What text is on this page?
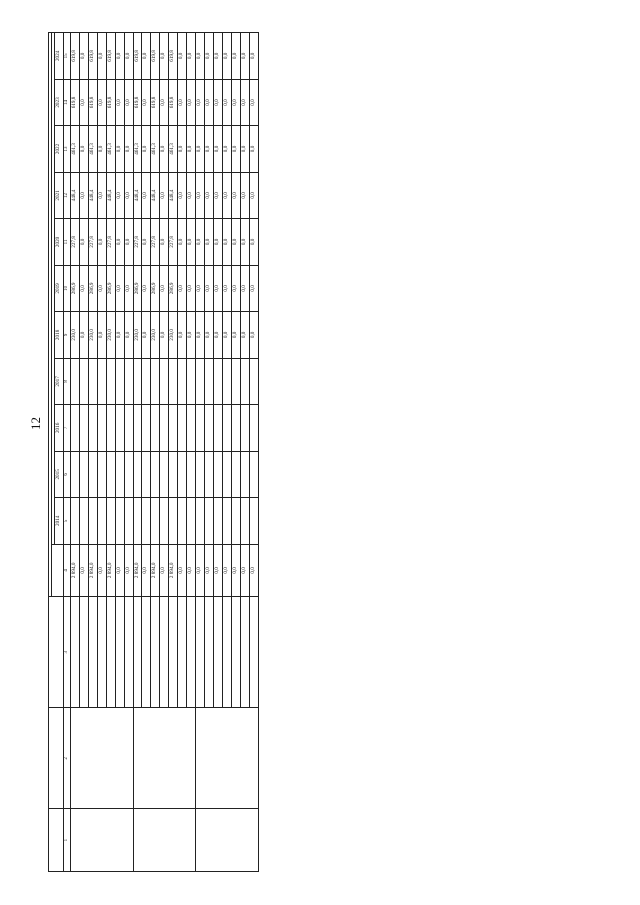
12

				2014	2015	2016	2017	2018	2019	2020	2021	2022	2023	2024

1	2	3	4	5	6	7	8	9	10	11	12	13	14	15
			2 894,0					230,0	286,9	227,8	448,4	461,3	619,8	619,8
			0,0					0,0	0,0	0,0	0,0	0,0	0,0	0,0
			2 894,0					230,0	286,9	227,8	448,4	461,3	619,8	619,8
			0,0					0,0	0,0	0,0	0,0	0,0	0,0	0,0
			2 894,0					230,0	286,9	227,8	448,4	461,3	619,8	619,8
			0,0					0,0	0,0	0,0	0,0	0,0	0,0	0,0
			0,0					0,0	0,0	0,0	0,0	0,0	0,0	0,0
			2 894,0					230,0	286,9	227,8	448,4	461,3	619,8	619,8
			0,0					0,0	0,0	0,0	0,0	0,0	0,0	0,0
			2 894,0					230,0	286,9	227,8	448,4	461,3	619,8	619,8
			0,0					0,0	0,0	0,0	0,0	0,0	0,0	0,0
			2 894,0					230,0	286,9	227,8	448,4	461,3	619,8	619,8
			0,0					0,0	0,0	0,0	0,0	0,0	0,0	0,0
			0,0					0,0	0,0	0,0	0,0	0,0	0,0	0,0
			0,0					0,0	0,0	0,0	0,0	0,0	0,0	0,0
			0,0					0,0	0,0	0,0	0,0	0,0	0,0	0,0
			0,0					0,0	0,0	0,0	0,0	0,0	0,0	0,0
			0,0					0,0	0,0	0,0	0,0	0,0	0,0	0,0
			0,0					0,0	0,0	0,0	0,0	0,0	0,0	0,0
			0,0					0,0	0,0	0,0	0,0	0,0	0,0	0,0
			0,0					0,0	0,0	0,0	0,0	0,0	0,0	0,0
